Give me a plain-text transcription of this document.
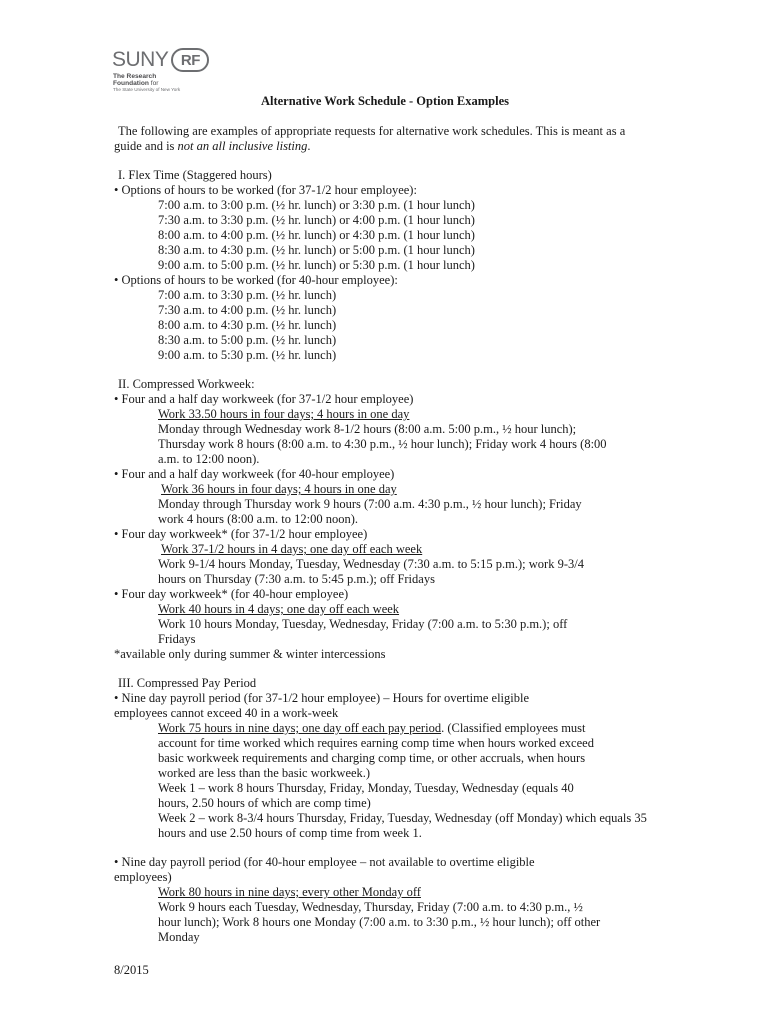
SUNY RF
The Research
Foundation for
The State University of New York
Alternative Work Schedule - Option Examples
The following are examples of appropriate requests for alternative work schedules. This is meant as a
guide and is not an all inclusive listing.
I. Flex Time (Staggered hours)
• Options of hours to be worked (for 37-1/2 hour employee):
7:00 a.m. to 3:00 p.m. (½ hr. lunch) or 3:30 p.m. (1 hour lunch)
7:30 a.m. to 3:30 p.m. (½ hr. lunch) or 4:00 p.m. (1 hour lunch)
8:00 a.m. to 4:00 p.m. (½ hr. lunch) or 4:30 p.m. (1 hour lunch)
8:30 a.m. to 4:30 p.m. (½ hr. lunch) or 5:00 p.m. (1 hour lunch)
9:00 a.m. to 5:00 p.m. (½ hr. lunch) or 5:30 p.m. (1 hour lunch)
• Options of hours to be worked (for 40-hour employee):
7:00 a.m. to 3:30 p.m. (½ hr. lunch)
7:30 a.m. to 4:00 p.m. (½ hr. lunch)
8:00 a.m. to 4:30 p.m. (½ hr. lunch)
8:30 a.m. to 5:00 p.m. (½ hr. lunch)
9:00 a.m. to 5:30 p.m. (½ hr. lunch)
II. Compressed Workweek:
• Four and a half day workweek (for 37-1/2 hour employee)
Work 33.50 hours in four days; 4 hours in one day
Monday through Wednesday work 8-1/2 hours (8:00 a.m. 5:00 p.m., ½ hour lunch);
Thursday work 8 hours (8:00 a.m. to 4:30 p.m., ½ hour lunch); Friday work 4 hours (8:00
a.m. to 12:00 noon).
• Four and a half day workweek (for 40-hour employee)
Work 36 hours in four days; 4 hours in one day
Monday through Thursday work 9 hours (7:00 a.m. 4:30 p.m., ½ hour lunch); Friday
work 4 hours (8:00 a.m. to 12:00 noon).
• Four day workweek* (for 37-1/2 hour employee)
Work 37-1/2 hours in 4 days; one day off each week
Work 9-1/4 hours Monday, Tuesday, Wednesday (7:30 a.m. to 5:15 p.m.); work 9-3/4
hours on Thursday (7:30 a.m. to 5:45 p.m.); off Fridays
• Four day workweek* (for 40-hour employee)
Work 40 hours in 4 days; one day off each week
Work 10 hours Monday, Tuesday, Wednesday, Friday (7:00 a.m. to 5:30 p.m.); off
Fridays
*available only during summer & winter intercessions
III. Compressed Pay Period
• Nine day payroll period (for 37-1/2 hour employee) – Hours for overtime eligible
employees cannot exceed 40 in a work-week
Work 75 hours in nine days; one day off each pay period. (Classified employees must
account for time worked which requires earning comp time when hours worked exceed
basic workweek requirements and charging comp time, or other accruals, when hours
worked are less than the basic workweek.)
Week 1 – work 8 hours Thursday, Friday, Monday, Tuesday, Wednesday (equals 40
hours, 2.50 hours of which are comp time)
Week 2 – work 8-3/4 hours Thursday, Friday, Tuesday, Wednesday (off Monday) which equals 35
hours and use 2.50 hours of comp time from week 1.
• Nine day payroll period (for 40-hour employee – not available to overtime eligible
employees)
Work 80 hours in nine days; every other Monday off
Work 9 hours each Tuesday, Wednesday, Thursday, Friday (7:00 a.m. to 4:30 p.m., ½
hour lunch); Work 8 hours one Monday (7:00 a.m. to 3:30 p.m., ½ hour lunch); off other
Monday
8/2015
